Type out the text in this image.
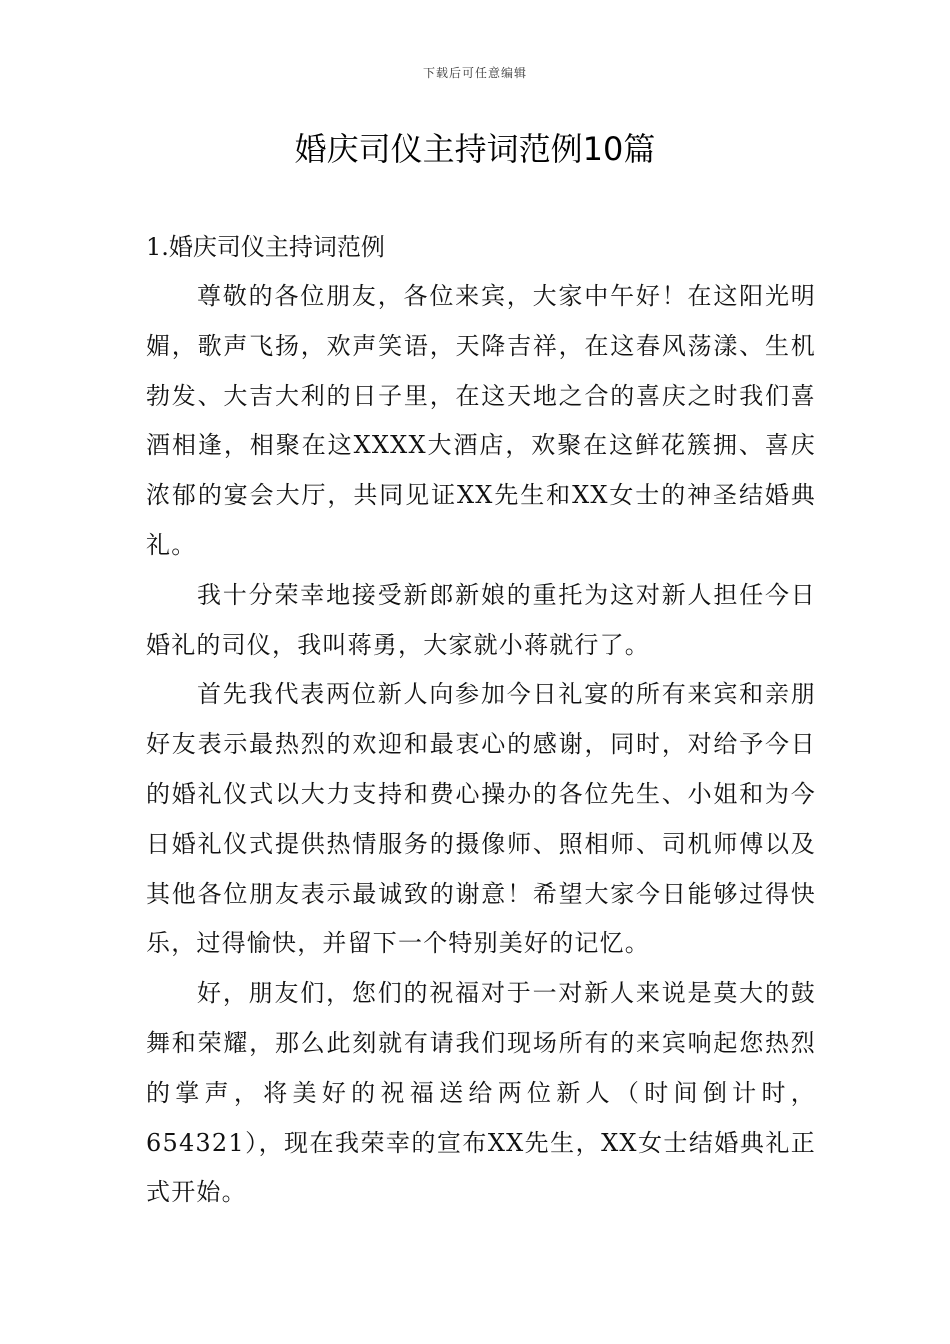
下载后可任意编辑
婚庆司仪主持词范例10篇

1.婚庆司仪主持词范例

尊敬的各位朋友，各位来宾，大家中午好！在这阳光明媚，歌声飞扬，欢声笑语，天降吉祥，在这春风荡漾、生机勃发、大吉大利的日子里，在这天地之合的喜庆之时我们喜酒相逢，相聚在这XXXX大酒店，欢聚在这鲜花簇拥、喜庆浓郁的宴会大厅，共同见证XX先生和XX女士的神圣结婚典礼。

我十分荣幸地接受新郎新娘的重托为这对新人担任今日婚礼的司仪，我叫蒋勇，大家就小蒋就行了。

首先我代表两位新人向参加今日礼宴的所有来宾和亲朋好友表示最热烈的欢迎和最衷心的感谢，同时，对给予今日的婚礼仪式以大力支持和费心操办的各位先生、小姐和为今日婚礼仪式提供热情服务的摄像师、照相师、司机师傅以及其他各位朋友表示最诚致的谢意！希望大家今日能够过得快乐，过得愉快，并留下一个特别美好的记忆。

好，朋友们，您们的祝福对于一对新人来说是莫大的鼓舞和荣耀，那么此刻就有请我们现场所有的来宾响起您热烈的掌声，将美好的祝福送给两位新人（时间倒计时，654321），现在我荣幸的宣布XX先生，XX女士结婚典礼正式开始。
